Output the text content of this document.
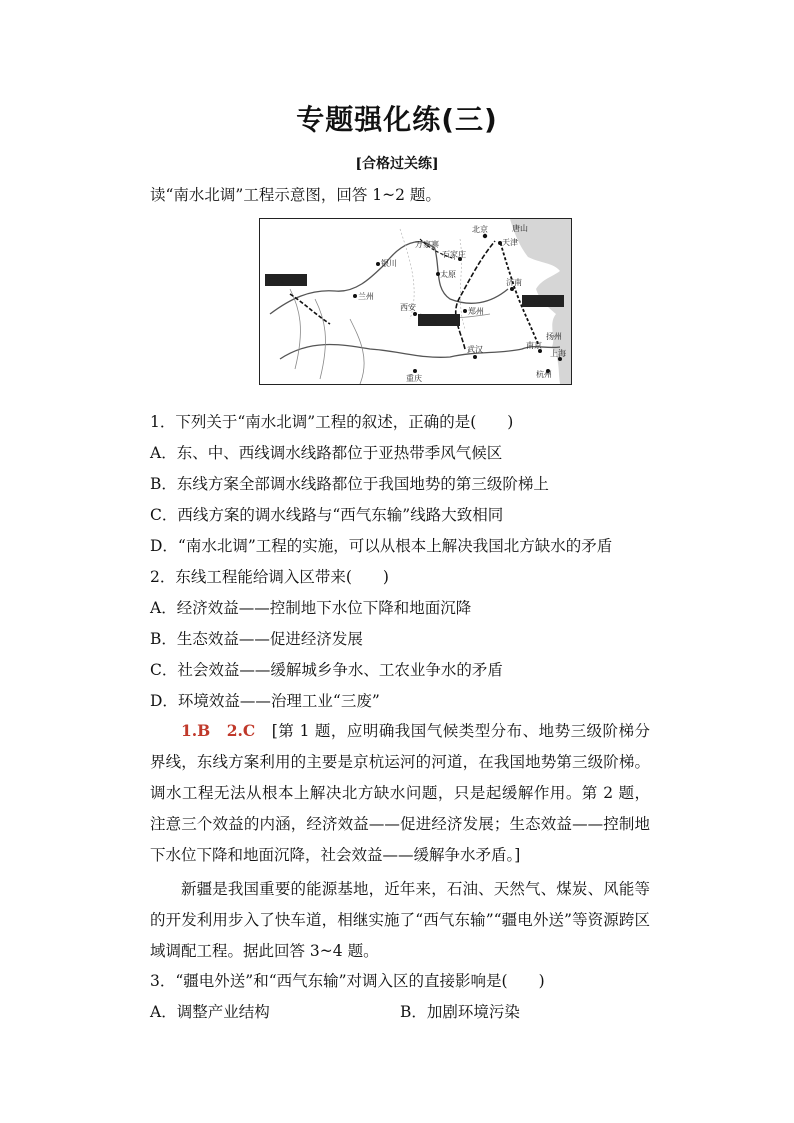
专题强化练(三)
[合格过关练]
读“南水北调”工程示意图，回答 1~2 题。
北京
天津
唐山
石家庄
太原
银川
兰州
西安	郑州
济南
武汉	南京
上海
杭州
重庆
扬州
万家寨
西线工程
中线工程
东线工程
1．下列关于“南水北调”工程的叙述，正确的是(　　)
A．东、中、西线调水线路都位于亚热带季风气候区
B．东线方案全部调水线路都位于我国地势的第三级阶梯上
C．西线方案的调水线路与“西气东输”线路大致相同
D．“南水北调”工程的实施，可以从根本上解决我国北方缺水的矛盾
2．东线工程能给调入区带来(　　)
A．经济效益——控制地下水位下降和地面沉降
B．生态效益——促进经济发展
C．社会效益——缓解城乡争水、工农业争水的矛盾
D．环境效益——治理工业“三废”
1.B　2.C　 [第 1 题，应明确我国气候类型分布、地势三级阶梯分界线，东线方案利用的主要是京杭运河的河道，在我国地势第三级阶梯。调水工程无法从根本上解决北方缺水问题，只是起缓解作用。第 2 题，注意三个效益的内涵，经济效益——促进经济发展；生态效益——控制地下水位下降和地面沉降，社会效益——缓解争水矛盾。]
新疆是我国重要的能源基地，近年来，石油、天然气、煤炭、风能等的开发利用步入了快车道，相继实施了“西气东输”“疆电外送”等资源跨区域调配工程。据此回答 3~4 题。
3．“疆电外送”和“西气东输”对调入区的直接影响是(　　)
A．调整产业结构	B．加剧环境污染
